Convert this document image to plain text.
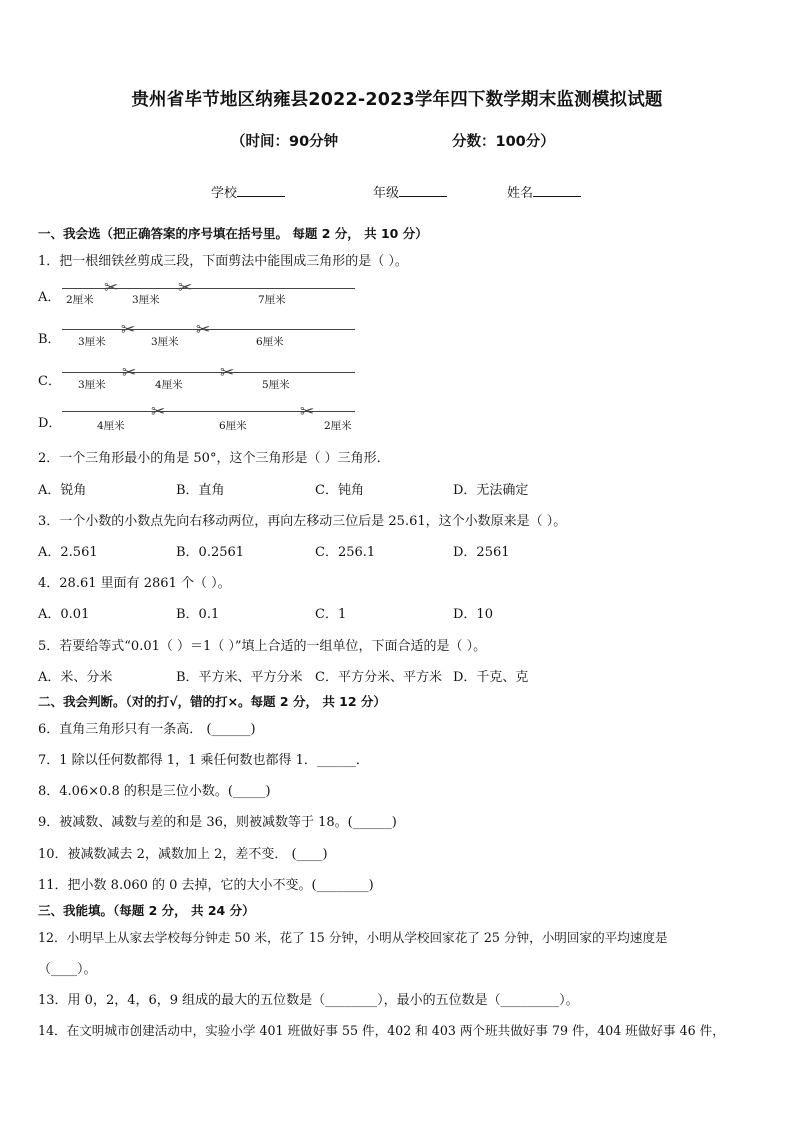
贵州省毕节地区纳雍县2022-2023学年四下数学期末监测模拟试题
（时间：90分钟	分数：100分）
学校	年级	姓名
一、我会选（把正确答案的序号填在括号里。 每题 2 分， 共 10 分）
1．把一根细铁丝剪成三段，下面剪法中能围成三角形的是（ ）。
A．	✂	✂
2厘米	3厘米	7厘米
B．	✂	✂
3厘米	3厘米	6厘米
C．	✂	✂
3厘米	4厘米	5厘米
D．
✂	✂
4厘米	6厘米	2厘米
2．一个三角形最小的角是 50°，这个三角形是（ ）三角形．
A．锐角	B．直角	C．钝角	D．无法确定
3．一个小数的小数点先向右移动两位，再向左移动三位后是 25.61，这个小数原来是（ ）。
A．2.561	B．0.2561	C．256.1	D．2561
4．28.61 里面有 2861 个（ ）。
A．0.01	B．0.1	C．1	D．10
5．若要给等式“0.01（ ）＝1（ ）”填上合适的一组单位，下面合适的是（ ）。
A．米、分米	B．平方米、平方分米 C．平方分米、平方米 D．千克、克
二、我会判断。（对的打√，错的打×。每题 2 分， 共 12 分）
6．直角三角形只有一条高． (______)
7．1 除以任何数都得 1，1 乘任何数也都得 1．______．
8．4.06×0.8 的积是三位小数。(_____)
9．被减数、减数与差的和是 36，则被减数等于 18。(______)
10．被减数减去 2，减数加上 2，差不变． (____)
11．把小数 8.060 的 0 去掉，它的大小不变。(________)
三、我能填。（每题 2 分， 共 24 分）
12．小明早上从家去学校每分钟走 50 米，花了 15 分钟，小明从学校回家花了 25 分钟，小明回家的平均速度是
（____）。
13．用 0，2，4，6，9 组成的最大的五位数是（________），最小的五位数是（_________）。
14．在文明城市创建活动中，实验小学 401 班做好事 55 件，402 和 403 两个班共做好事 79 件，404 班做好事 46 件，
